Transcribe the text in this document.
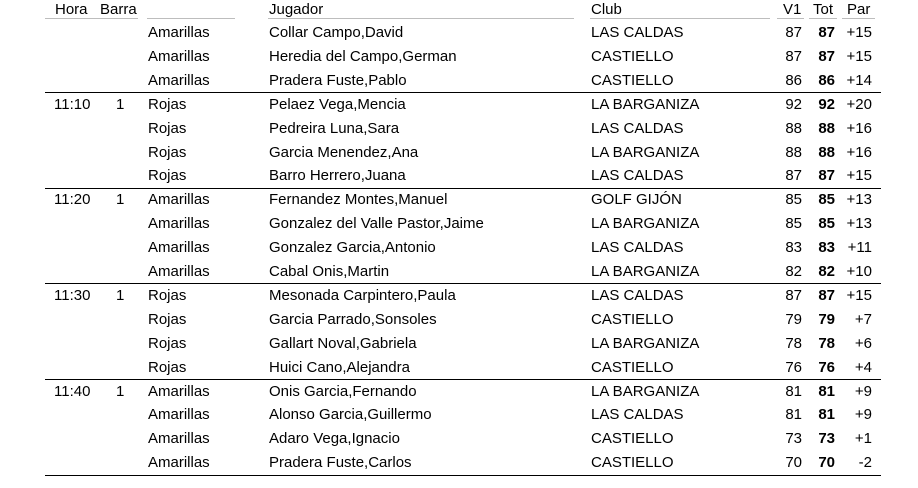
Hora Barra	Jugador	Club	V1 Tot Par
Amarillas	Collar Campo,David	LAS CALDAS	87	87 +15
Amarillas	Heredia del Campo,German	CASTIELLO	87	87 +15
Amarillas	Pradera Fuste,Pablo	CASTIELLO	86	86 +14
11:10 1 Rojas	Pelaez Vega,Mencia	LA BARGANIZA	92	92 +20
Rojas	Pedreira Luna,Sara	LAS CALDAS	88	88 +16
Rojas	Garcia Menendez,Ana	LA BARGANIZA	88	88 +16
Rojas	Barro Herrero,Juana	LAS CALDAS	87	87 +15
11:20 1 Amarillas	Fernandez Montes,Manuel	GOLF GIJÓN	85	85 +13
Amarillas	Gonzalez del Valle Pastor,Jaime	LA BARGANIZA	85	85 +13
Amarillas	Gonzalez Garcia,Antonio	LAS CALDAS	83	83 +11
Amarillas	Cabal Onis,Martin	LA BARGANIZA	82	82 +10
11:30 1 Rojas	Mesonada Carpintero,Paula	LAS CALDAS	87	87 +15
Rojas	Garcia Parrado,Sonsoles	CASTIELLO	79	79	+7
Rojas	Gallart Noval,Gabriela	LA BARGANIZA	78	78	+6
Rojas	Huici Cano,Alejandra	CASTIELLO	76	76	+4
11:40 1 Amarillas	Onis Garcia,Fernando	LA BARGANIZA	81	81	+9
Amarillas	Alonso Garcia,Guillermo	LAS CALDAS	81	81	+9
Amarillas	Adaro Vega,Ignacio	CASTIELLO	73	73	+1
Amarillas	Pradera Fuste,Carlos	CASTIELLO	70	70	-2
